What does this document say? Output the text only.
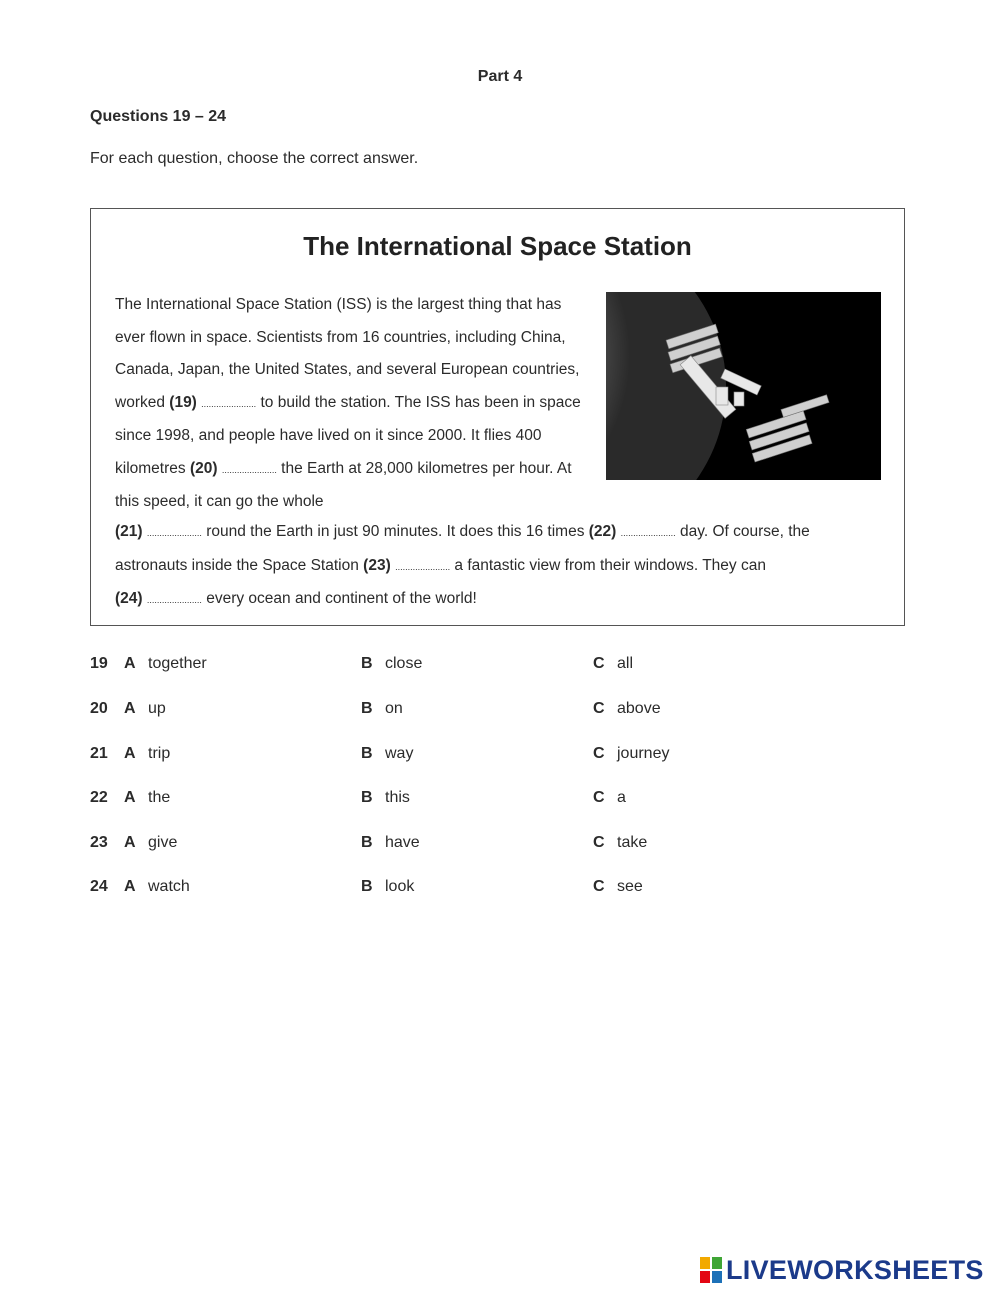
Part 4
Questions 19 – 24
For each question, choose the correct answer.
The International Space Station
The International Space Station (ISS) is the largest thing that has ever flown in space. Scientists from 16 countries, including China, Canada, Japan, the United States, and several European countries, worked (19) ...................... to build the station. The ISS has been in space since 1998, and people have lived on it since 2000. It flies 400 kilometres (20) ...................... the Earth at 28,000 kilometres per hour. At this speed, it can go the whole
(21) ...................... round the Earth in just 90 minutes. It does this 16 times (22) ...................... day. Of course, the astronauts inside the Space Station (23) ...................... a fantastic view from their windows. They can
(24) ...................... every ocean and continent of the world!
19 A together	B close	C all
20 A up	B on	C above
21 A trip	B way	C journey
22 A the	B this	C a
23 A give	B have	C take
24 A watch	B look	C see
LIVEWORKSHEETS
